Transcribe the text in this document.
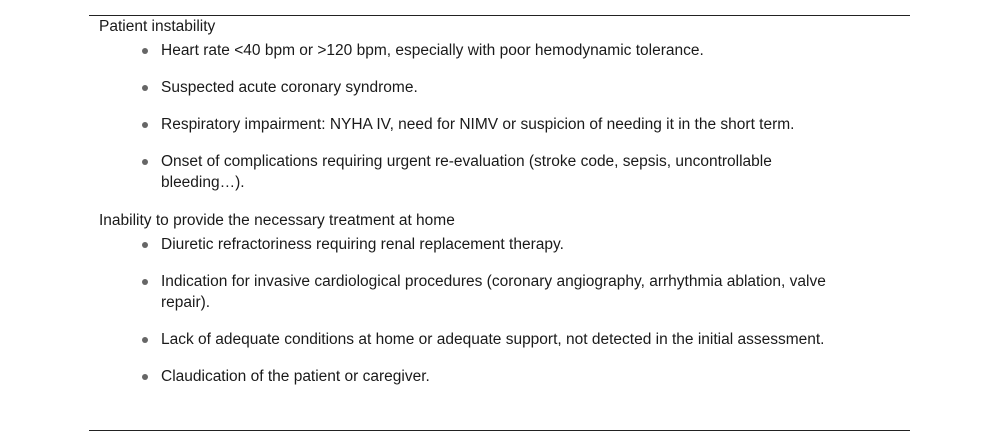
Patient instability
Heart rate <40 bpm or >120 bpm, especially with poor hemodynamic tolerance.
Suspected acute coronary syndrome.
Respiratory impairment: NYHA IV, need for NIMV or suspicion of needing it in the short term.
Onset of complications requiring urgent re-evaluation (stroke code, sepsis, uncontrollable bleeding…).
Inability to provide the necessary treatment at home
Diuretic refractoriness requiring renal replacement therapy.
Indication for invasive cardiological procedures (coronary angiography, arrhythmia ablation, valve repair).
Lack of adequate conditions at home or adequate support, not detected in the initial assessment.
Claudication of the patient or caregiver.
